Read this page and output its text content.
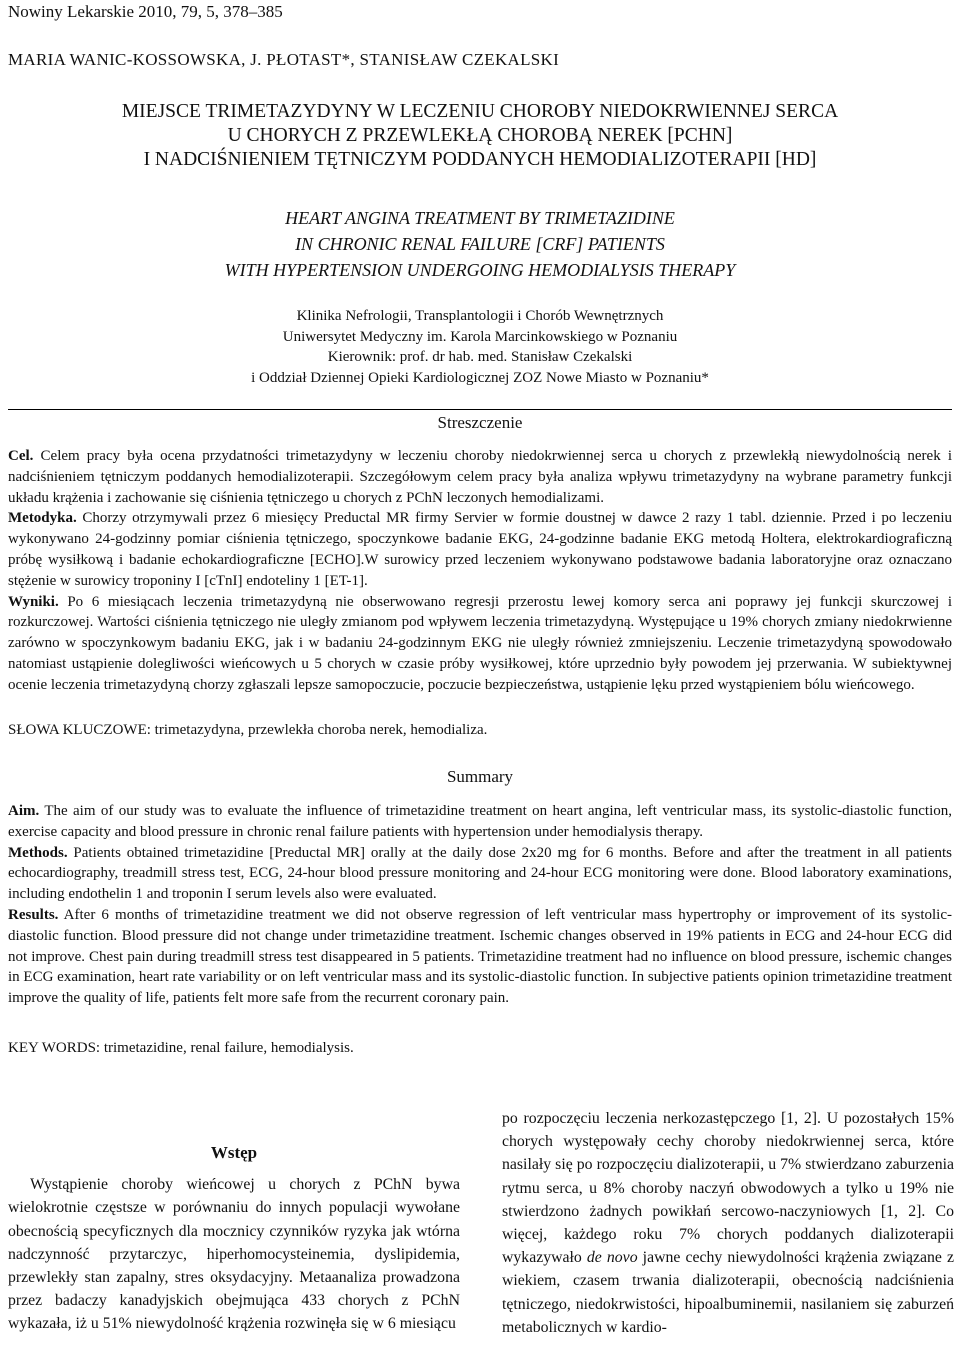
Nowiny Lekarskie 2010, 79, 5, 378–385
MARIA WANIC-KOSSOWSKA, J. PŁOTAST*, STANISŁAW CZEKALSKI
MIEJSCE TRIMETAZYDYNY W LECZENIU CHOROBY NIEDOKRWIENNEJ SERCA
U CHORYCH Z PRZEWLEKŁĄ CHOROBĄ NEREK [PCHN]
I NADCIŚNIENIEM TĘTNICZYM PODDANYCH HEMODIALIZOTERAPII [HD]
HEART ANGINA TREATMENT BY TRIMETAZIDINE
IN CHRONIC RENAL FAILURE [CRF] PATIENTS
WITH HYPERTENSION UNDERGOING HEMODIALYSIS THERAPY
Klinika Nefrologii, Transplantologii i Chorób Wewnętrznych
Uniwersytet Medyczny im. Karola Marcinkowskiego w Poznaniu
Kierownik: prof. dr hab. med. Stanisław Czekalski
i Oddział Dziennej Opieki Kardiologicznej ZOZ Nowe Miasto w Poznaniu*
Streszczenie

Cel. Celem pracy była ocena przydatności trimetazydyny w leczeniu choroby niedokrwiennej serca u chorych z przewlekłą niewydolnością nerek i nadciśnieniem tętniczym poddanych hemodializoterapii. Szczegółowym celem pracy była analiza wpływu trimetazydyny na wybrane parametry funkcji układu krążenia i zachowanie się ciśnienia tętniczego u chorych z PChN leczonych hemodializami.

Metodyka. Chorzy otrzymywali przez 6 miesięcy Preductal MR firmy Servier w formie doustnej w dawce 2 razy 1 tabl. dziennie. Przed i po leczeniu wykonywano 24-godzinny pomiar ciśnienia tętniczego, spoczynkowe badanie EKG, 24-godzinne badanie EKG metodą Holtera, elektrokardiograficzną próbę wysiłkową i badanie echokardiograficzne [ECHO].W surowicy przed leczeniem wykonywano podstawowe badania laboratoryjne oraz oznaczano stężenie w surowicy troponiny I [cTnI] endoteliny 1 [ET-1].

Wyniki. Po 6 miesiącach leczenia trimetazydyną nie obserwowano regresji przerostu lewej komory serca ani poprawy jej funkcji skurczowej i rozkurczowej. Wartości ciśnienia tętniczego nie uległy zmianom pod wpływem leczenia trimetazydyną. Występujące u 19% chorych zmiany niedokrwienne zarówno w spoczynkowym badaniu EKG, jak i w badaniu 24-godzinnym EKG nie uległy również zmniejszeniu. Leczenie trimetazydyną spowodowało natomiast ustąpienie dolegliwości wieńcowych u 5 chorych w czasie próby wysiłkowej, które uprzednio były powodem jej przerwania. W subiektywnej ocenie leczenia trimetazydyną chorzy zgłaszali lepsze samopoczucie, poczucie bezpieczeństwa, ustąpienie lęku przed wystąpieniem bólu wieńcowego.

SŁOWA KLUCZOWE: trimetazydyna, przewlekła choroba nerek, hemodializa.
Summary

Aim. The aim of our study was to evaluate the influence of trimetazidine treatment on heart angina, left ventricular mass, its systolic-diastolic function, exercise capacity and blood pressure in chronic renal failure patients with hypertension under hemodialysis therapy.

Methods. Patients obtained trimetazidine [Preductal MR] orally at the daily dose 2x20 mg for 6 months. Before and after the treatment in all patients echocardiography, treadmill stress test, ECG, 24-hour blood pressure monitoring and 24-hour ECG monitoring were done. Blood laboratory examinations, including endothelin 1 and troponin I serum levels also were evaluated.

Results. After 6 months of trimetazidine treatment we did not observe regression of left ventricular mass hypertrophy or improvement of its systolic-diastolic function. Blood pressure did not change under trimetazidine treatment. Ischemic changes observed in 19% patients in ECG and 24-hour ECG did not improve. Chest pain during treadmill stress test disappeared in 5 patients. Trimetazidine treatment had no influence on blood pressure, ischemic changes in ECG examination, heart rate variability or on left ventricular mass and its systolic-diastolic function. In subjective patients opinion trimetazidine treatment improve the quality of life, patients felt more safe from the recurrent coronary pain.

KEY WORDS: trimetazidine, renal failure, hemodialysis.
Wstęp

Wystąpienie choroby wieńcowej u chorych z PChN bywa wielokrotnie częstsze w porównaniu do innych populacji wywołane obecnością specyficznych dla mocznicy czynników ryzyka jak wtórna nadczynność przytarczyc, hiperhomocysteinemia, dyslipidemia, przewlekły stan zapalny, stres oksydacyjny. Metaanaliza prowadzona przez badaczy kanadyjskich obejmująca 433 chorych z PChN wykazała, iż u 51% niewydolność krążenia rozwinęła się w 6 miesiącu

po rozpoczęciu leczenia nerkozastępczego [1, 2]. U pozostałych 15% chorych występowały cechy choroby niedokrwiennej serca, które nasilały się po rozpoczęciu dializoterapii, u 7% stwierdzano zaburzenia rytmu serca, u 8% choroby naczyń obwodowych a tylko u 19% nie stwierdzono żadnych powikłań sercowo-naczyniowych [1, 2]. Co więcej, każdego roku 7% chorych poddanych dializoterapii wykazywało de novo jawne cechy niewydolności krążenia związane z wiekiem, czasem trwania dializoterapii, obecnością nadciśnienia tętniczego, niedokrwistości, hipoalbuminemii, nasilaniem się zaburzeń metabolicznych w kardio-
